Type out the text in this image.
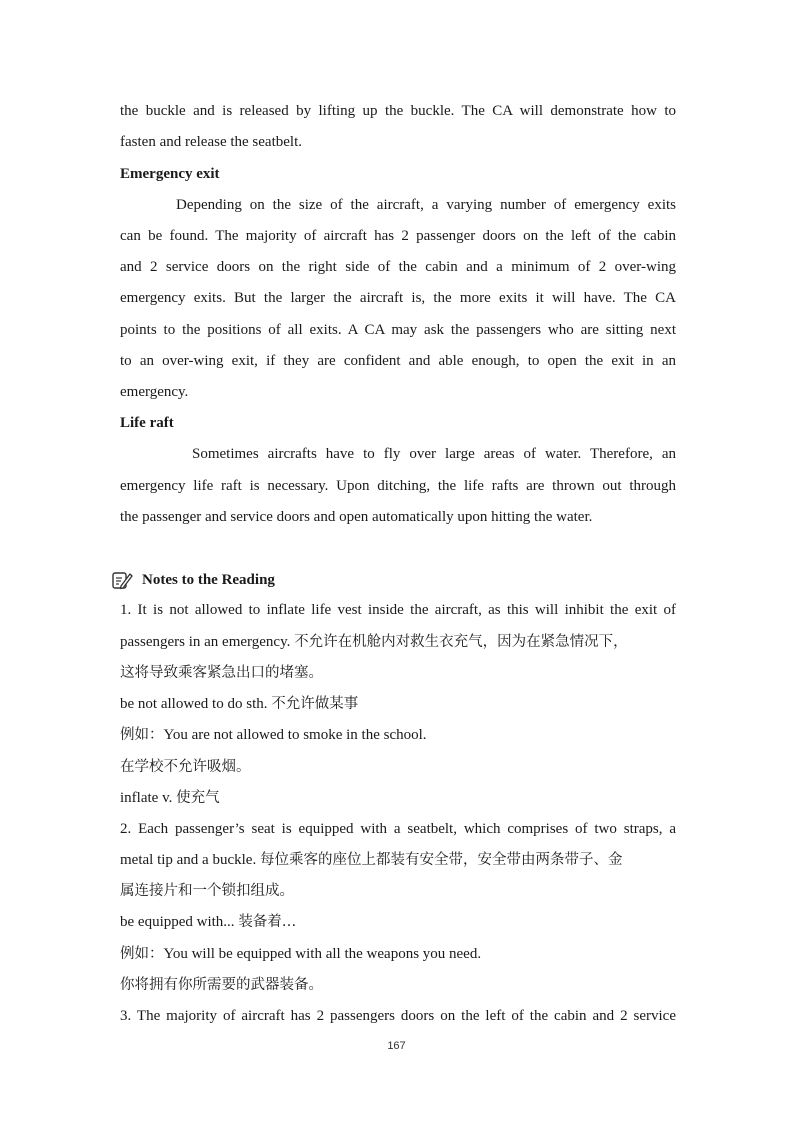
the buckle and is released by lifting up the buckle. The CA will demonstrate how to
fasten and release the seatbelt.
Emergency exit
Depending on the size of the aircraft, a varying number of emergency exits
can be found. The majority of aircraft has 2 passenger doors on the left of the cabin
and 2 service doors on the right side of the cabin and a minimum of 2 over-wing
emergency exits. But the larger the aircraft is, the more exits it will have. The CA
points to the positions of all exits. A CA may ask the passengers who are sitting next
to an over-wing exit, if they are confident and able enough, to open the exit in an
emergency.
Life raft
Sometimes aircrafts have to fly over large areas of water. Therefore, an
emergency life raft is necessary. Upon ditching, the life rafts are thrown out through
the passenger and service doors and open automatically upon hitting the water.
Notes to the Reading
1. It is not allowed to inflate life vest inside the aircraft, as this will inhibit the exit of
passengers in an emergency. 不允许在机舱内对救生衣充气，因为在紧急情况下，
这将导致乘客紧急出口的堵塞。
be not allowed to do sth. 不允许做某事
例如：You are not allowed to smoke in the school.
在学校不允许吸烟。
inflate v. 使充气
2. Each passenger’s seat is equipped with a seatbelt, which comprises of two straps, a
metal tip and a buckle. 每位乘客的座位上都装有安全带，安全带由两条带子、金
属连接片和一个锁扣组成。
be equipped with... 装备着…
例如：You will be equipped with all the weapons you need.
你将拥有你所需要的武器装备。
3. The majority of aircraft has 2 passengers doors on the left of the cabin and 2 service
167
